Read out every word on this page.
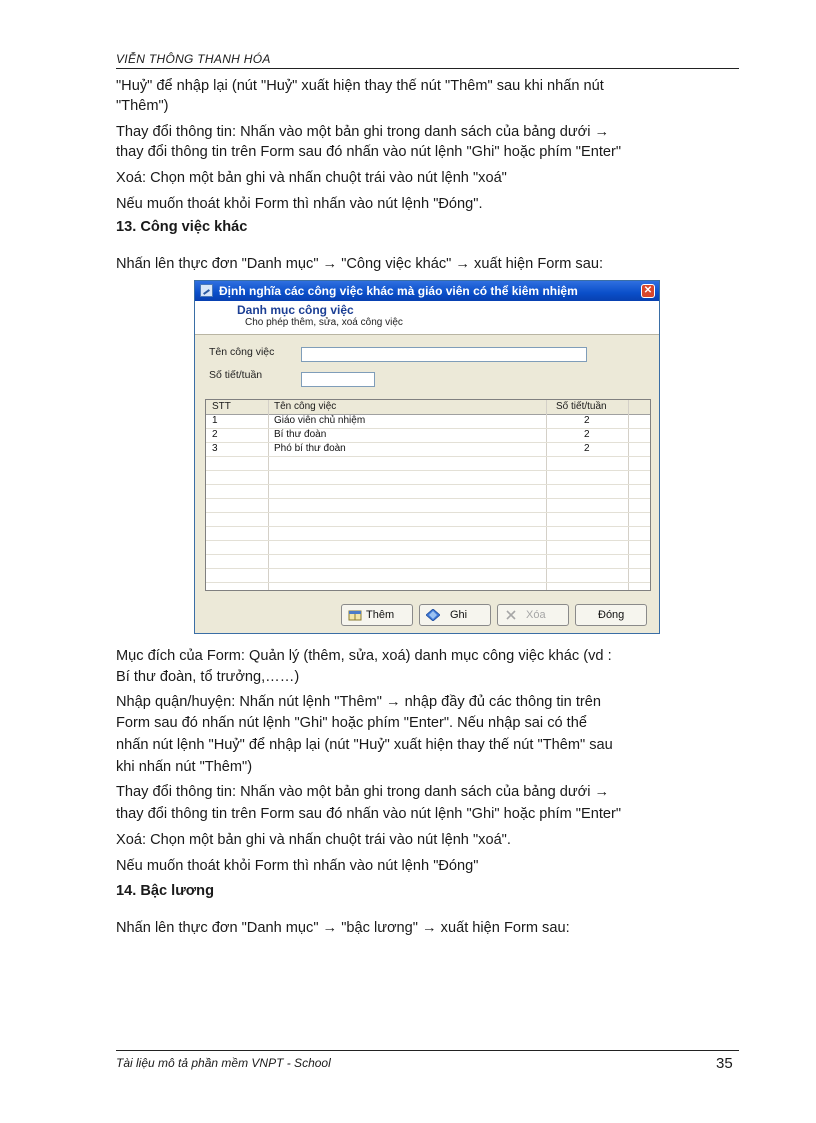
VIỄN THÔNG THANH HÓA
"Huỷ" để nhập lại (nút "Huỷ" xuất hiện thay thế nút "Thêm" sau khi nhấn nút
"Thêm")
Thay đổi thông tin: Nhấn vào một bản ghi trong danh sách của bảng dưới →
thay đổi thông tin trên Form sau đó nhấn vào nút lệnh "Ghi" hoặc phím "Enter"
Xoá: Chọn một bản ghi và nhấn chuột trái vào nút lệnh "xoá"
Nếu muốn thoát khỏi Form thì nhấn vào nút lệnh "Đóng".
13. Công việc khác
Nhấn lên thực đơn "Danh mục" → "Công việc khác" → xuất hiện Form sau:
Định nghĩa các công việc khác mà giáo viên có thể kiêm nhiệm	✕
Danh mục công việc
Cho phép thêm, sửa, xoá công việc
Tên công việc
Số tiết/tuần
STT	Tên công việc	Số tiết/tuần
1	Giáo viên chủ nhiệm	2
2	Bí thư đoàn	2
3	Phó bí thư đoàn	2
Thêm	Ghi	Xóa	Đóng
Mục đích của Form: Quản lý (thêm, sửa, xoá) danh mục công việc khác (vd :
Bí thư đoàn, tổ trưởng,……)
Nhập quận/huyện: Nhấn nút lệnh "Thêm" → nhập đầy đủ các thông tin trên
Form sau đó nhấn nút lệnh "Ghi" hoặc phím "Enter". Nếu nhập sai có thể
nhấn nút lệnh "Huỷ" để nhập lại (nút "Huỷ" xuất hiện thay thế nút "Thêm" sau
khi nhấn nút "Thêm")
Thay đổi thông tin: Nhấn vào một bản ghi trong danh sách của bảng dưới →
thay đổi thông tin trên Form sau đó nhấn vào nút lệnh "Ghi" hoặc phím "Enter"
Xoá: Chọn một bản ghi và nhấn chuột trái vào nút lệnh "xoá".
Nếu muốn thoát khỏi Form thì nhấn vào nút lệnh "Đóng"
14. Bậc lương
Nhấn lên thực đơn "Danh mục" → "bậc lương" → xuất hiện Form sau:
Tài liệu mô tả phần mềm VNPT - School	35
